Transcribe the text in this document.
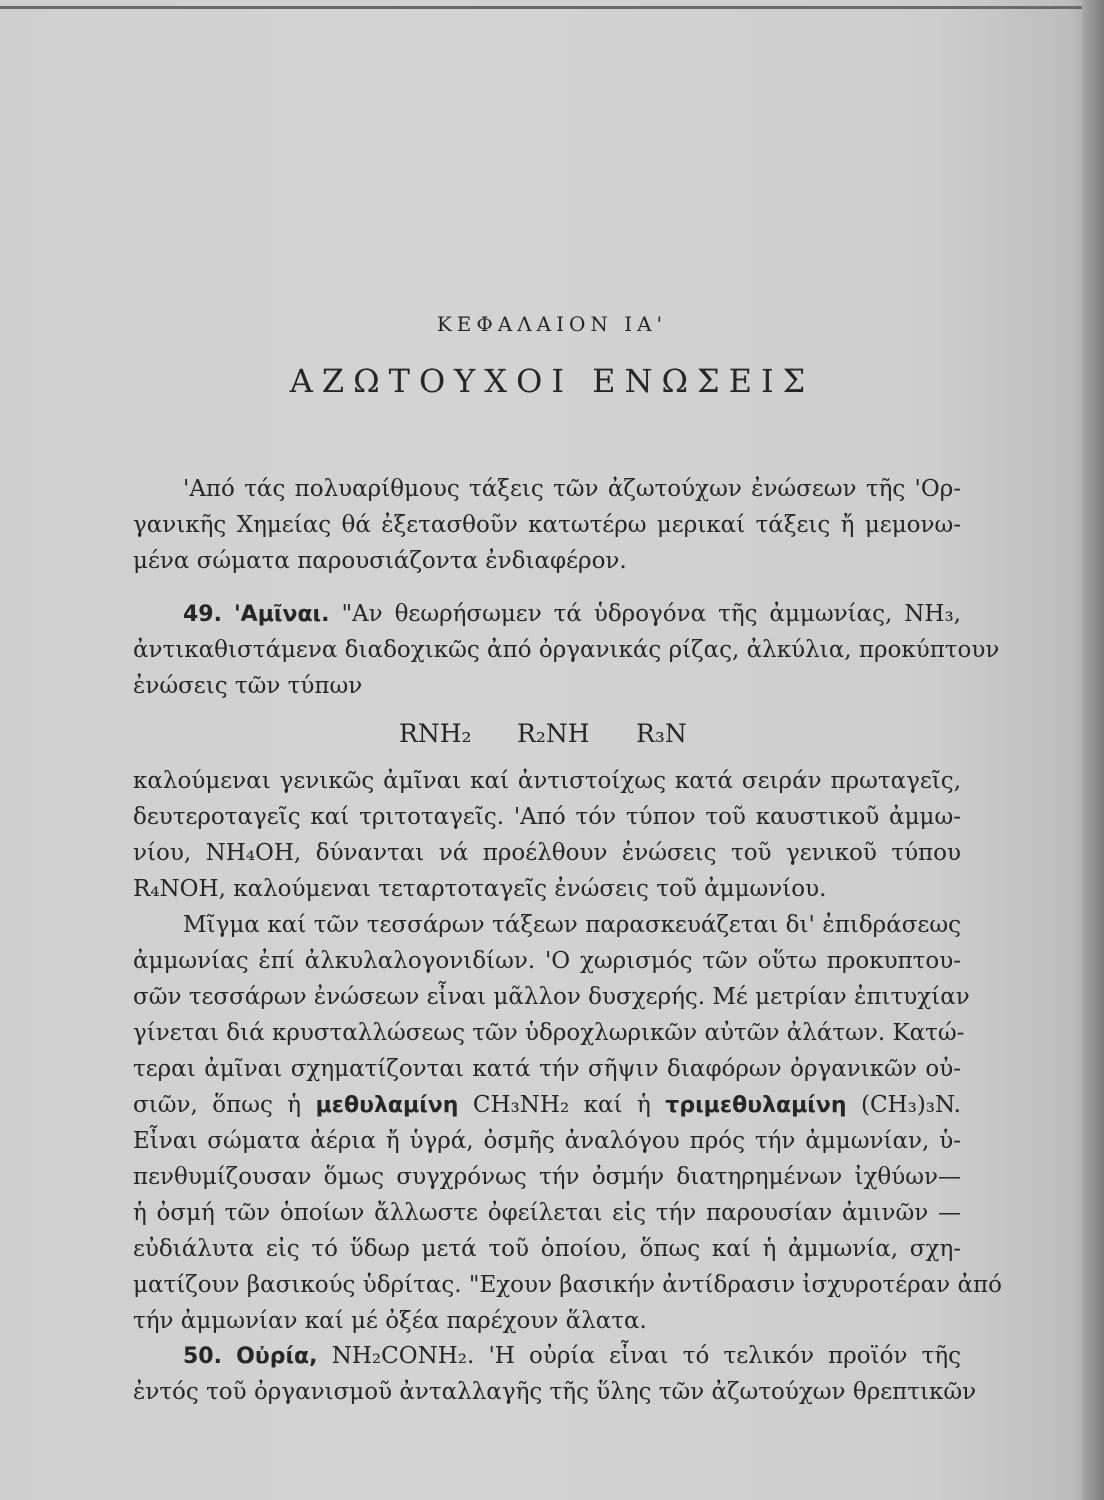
ΚΕΦΑΛΑΙΟΝ ΙΑ'
ΑΖΩΤΟΥΧΟΙ ΕΝΩΣΕΙΣ
'Από τάς πολυαρίθμους τάξεις τῶν ἀζωτούχων ἐνώσεων τῆς 'Ορ-
γανικῆς Χημείας θά ἐξετασθοῦν κατωτέρω μερικαί τάξεις ἤ μεμονω-
μένα σώματα παρουσιάζοντα ἐνδιαφέρον.
49. 'Αμῖναι. "Αν θεωρήσωμεν τά ὑδρογόνα τῆς ἀμμωνίας, NH₃,
ἀντικαθιστάμενα διαδοχικῶς ἀπό ὀργανικάς ρίζας, ἀλκύλια, προκύπτουν
ἐνώσεις τῶν τύπων
RNH₂ R₂NH R₃N
καλούμεναι γενικῶς ἀμῖναι καί ἀντιστοίχως κατά σειράν πρωταγεῖς,
δευτεροταγεῖς καί τριτοταγεῖς. 'Από τόν τύπον τοῦ καυστικοῦ ἀμμω-
νίου, NH₄OH, δύνανται νά προέλθουν ἐνώσεις τοῦ γενικοῦ τύπου
R₄NOH, καλούμεναι τεταρτοταγεῖς ἐνώσεις τοῦ ἀμμωνίου.
Μῖγμα καί τῶν τεσσάρων τάξεων παρασκευάζεται δι' ἐπιδράσεως
ἀμμωνίας ἐπί ἀλκυλαλογονιδίων. 'Ο χωρισμός τῶν οὕτω προκυπτου-
σῶν τεσσάρων ἐνώσεων εἶναι μᾶλλον δυσχερής. Μέ μετρίαν ἐπιτυχίαν
γίνεται διά κρυσταλλώσεως τῶν ὑδροχλωρικῶν αὐτῶν ἀλάτων. Κατώ-
τεραι ἀμῖναι σχηματίζονται κατά τήν σῆψιν διαφόρων ὀργανικῶν οὐ-
σιῶν, ὅπως ἡ μεθυλαμίνη CH₃NH₂ καί ἡ τριμεθυλαμίνη (CH₃)₃N.
Εἶναι σώματα ἀέρια ἤ ὑγρά, ὀσμῆς ἀναλόγου πρός τήν ἀμμωνίαν, ὑ-
πενθυμίζουσαν ὅμως συγχρόνως τήν ὀσμήν διατηρημένων ἰχθύων—
ἡ ὀσμή τῶν ὁποίων ἄλλωστε ὀφείλεται εἰς τήν παρουσίαν ἀμινῶν —
εὐδιάλυτα εἰς τό ὕδωρ μετά τοῦ ὁποίου, ὅπως καί ἡ ἀμμωνία, σχη-
ματίζουν βασικούς ὑδρίτας. "Εχουν βασικήν ἀντίδρασιν ἰσχυροτέραν ἀπό
τήν ἀμμωνίαν καί μέ ὀξέα παρέχουν ἅλατα.
50. Οὐρία, NH₂CONH₂. 'Η οὐρία εἶναι τό τελικόν προϊόν τῆς
ἐντός τοῦ ὀργανισμοῦ ἀνταλλαγῆς τῆς ὕλης τῶν ἀζωτούχων θρεπτικῶν
